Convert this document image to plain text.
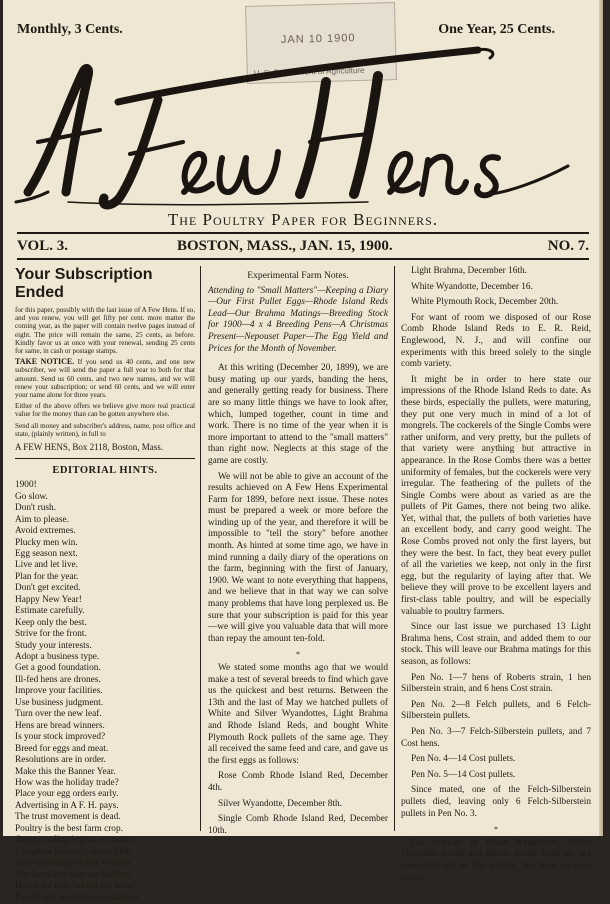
JAN 10 1900
U. S. Department of Agriculture
Monthly, 3 Cents.	One Year, 25 Cents.
The Poultry Paper for Beginners.
VOL. 3.	BOSTON, MASS., JAN. 15, 1900.	NO. 7.
Your Subscription Ended

for this paper, possibly with the last issue of A Few Hens. If so, and you renew, you will get fifty per cent. more matter the coming year, as the paper will contain twelve pages instead of eight. The price will remain the same, 25 cents, as before. Kindly favor us at once with your renewal, sending 25 cents for same, in cash or postage stamps.

TAKE NOTICE. If you send us 40 cents, and one new subscriber, we will send the paper a full year to both for that amount. Send us 60 cents, and two new names, and we will renew your subscription; or send 60 cents, and we will enter your name alone for three years.

Either of the above offers we believe give more real practical value for the money than can be gotten anywhere else.

Send all money and subscriber's address, name, post office and state, (plainly written), in full to

A FEW HENS, Box 2118, Boston, Mass.
EDITORIAL HINTS.

1900!

Go slow.

Don't rush.

Aim to please.

Avoid extremes.

Plucky men win.

Egg season next.

Live and let live.

Plan for the year.

Don't get excited.

Happy New Year!

Estimate carefully.

Keep only the best.

Strive for the front.

Study your interests.

Adopt a business type.

Get a good foundation.

Ill-fed hens are drones.

Improve your facilities.

Use business judgment.

Turn over the new leaf.

Hens are bread winners.

Is your stock improved?

Breed for eggs and meat.

Resolutions are in order.

Make this the Banner Year.

How was the holiday trade?

Place your egg orders early.

Advertising in A F. H. pays.

The trust movement is dead.

Poultry is the best farm crop.

Overcrowding is poor economy.

Complain politely—never kick.

Take advantage of fine weather.

The incubator men are hustlers.

How's the man behind the hens?

Put off and neglect cause failures.

Experimental Farm Notes.

Attending to "Small Matters"—Keeping a Diary—Our First Pullet Eggs—Rhode Island Reds Lead—Our Brahma Matings—Breeding Stock for 1900—4 x 4 Breeding Pens—A Christmas Present—Nepouset Paper—The Egg Yield and Prices for the Month of November.

At this writing (December 20, 1899), we are busy mating up our yards, banding the hens, and generally getting ready for business. There are so many little things we have to look after, which, lumped together, count in time and work. There is no time of the year when it is more important to attend to the "small matters" than right now. Neglects at this stage of the game are costly.

We will not be able to give an account of the results achieved on A Few Hens Experimental Farm for 1899, before next issue. These notes must be prepared a week or more before the winding up of the year, and therefore it will be impossible to "tell the story" before another month. As hinted at some time ago, we have in mind running a daily diary of the operations on the farm, beginning with the first of January, 1900. We want to note everything that happens, and we believe that in that way we can solve many problems that have long perplexed us. Be sure that your subscription is paid for this year—we will give you valuable data that will more than repay the amount ten-fold.

*

We stated some months ago that we would make a test of several breeds to find which gave us the quickest and best returns. Between the 13th and the last of May we hatched pullets of White and Silver Wyandottes, Light Brahma and Rhode Island Reds, and bought White Plymouth Rock pullets of the same age. They all received the same feed and care, and gave us the first eggs as follows:

Rose Comb Rhode Island Red, December 4th.

Silver Wyandotte, December 8th.

Single Comb Rhode Island Red, December 10th.

Light Brahma, December 16th.

White Wyandotte, December 16.

White Plymouth Rock, December 20th.

For want of room we disposed of our Rose Comb Rhode Island Reds to E. R. Reid, Englewood, N. J., and will confine our experiments with this breed solely to the single comb variety.

It might be in order to here state our impressions of the Rhode Island Reds to date. As these birds, especially the pullets, were maturing, they put one very much in mind of a lot of mongrels. The cockerels of the Single Combs were rather uniform, and very pretty, but the pullets of that variety were anything but attractive in appearance. In the Rose Combs there was a better uniformity of females, but the cockerels were very irregular. The feathering of the pullets of the Single Combs were about as varied as are the pullets of Pit Games, there not being two alike. Yet, withal that, the pullets of both varieties have an excellent body, and carry good weight. The Rose Combs proved not only the first layers, but they were the best. In fact, they beat every pullet of all the varieties we keep, not only in the first egg, but the regularity of laying after that. We believe they will prove to be excellent layers and first-class table poultry, and will be especially valuable to poultry farmers.

Since our last issue we purchased 13 Light Brahma hens, Cost strain, and added them to our stock. This will leave our Brahma matings for this season, as follows:

Pen No. 1—7 hens of Roberts strain, 1 hen Silberstein strain, and 6 hens Cost strain.

Pen No. 2—8 Felch pullets, and 6 Felch-Silberstein pullets.

Pen No. 3—7 Felch-Silberstein pullets, and 7 Cost hens.

Pen No. 4—14 Cost pullets.

Pen No. 5—14 Cost pullets.

Since mated, one of the Felch-Silberstein pullets died, leaving only 6 Felch-Silberstein pullets in Pen No. 3.

*

Our matings in White Wyandottes, White Plymouth Rocks and Rhode Island Reds are not completed yet at this writing. We hope to have every-
